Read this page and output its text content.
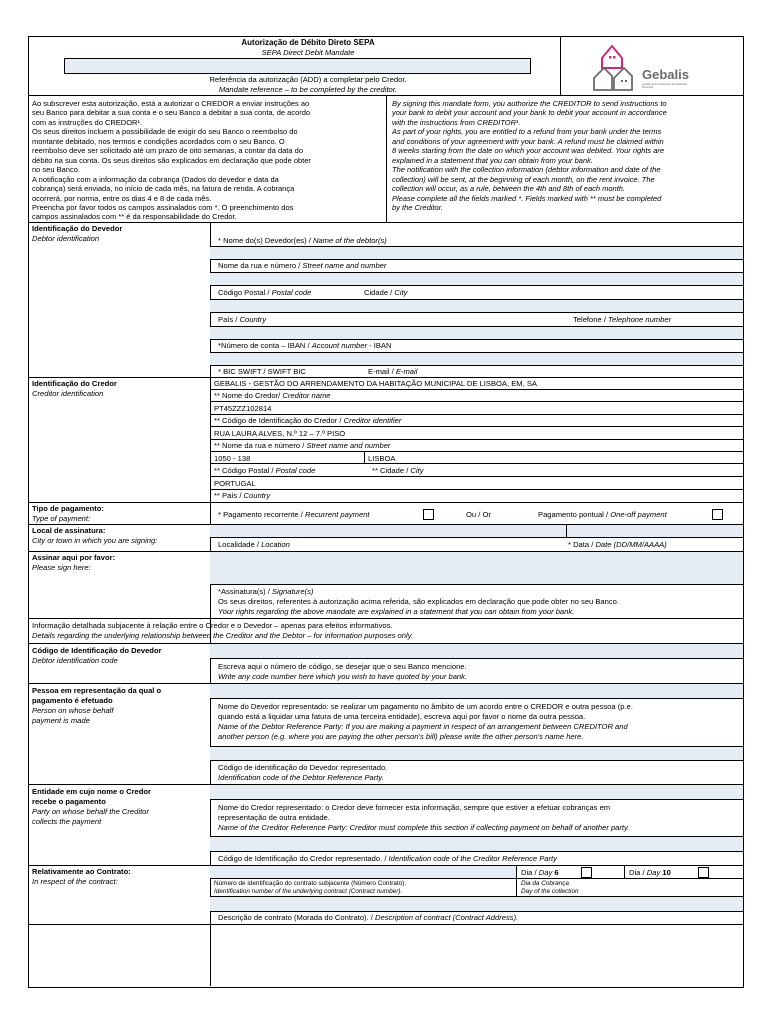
Autorização de Débito Direto SEPA
SEPA Direct Debit Mandate
Referência da autorização (ADD) a completar pelo Credor.
Mandate reference – to be completed by the creditor.
Gebalis
Gestão do Arrendamento da Habitação Municipal
Ao subscrever esta autorização, está a autorizar o CREDOR a enviar instruções ao
seu Banco para debitar a sua conta e o seu Banco a debitar a sua conta, de acordo
com as instruções do CREDOR¹.
Os seus direitos incluem a possibilidade de exigir do seu Banco o reembolso do
montante debitado, nos termos e condições acordados com o seu Banco. O
reembolso deve ser solicitado até um prazo de oito semanas, a contar da data do
débito na sua conta. Os seus direitos são explicados em declaração que pode obter
no seu Banco.
A notificação com a informação da cobrança (Dados do devedor e data da
cobrança) será enviada, no início de cada mês, na fatura de renda. A cobrança
ocorrerá, por norma, entre os dias 4 e 8 de cada mês.
Preencha por favor todos os campos assinalados com *. O preenchimento dos
campos assinalados com ** é da responsabilidade do Credor.
By signing this mandate form, you authorize the CREDITOR to send instructions to
your bank to debit your account and your bank to debit your account in accordance
with the instructions from CREDITOR¹.
As part of your rights, you are entitled to a refund from your bank under the terms
and conditions of your agreement with your bank. A refund must be claimed within
8 weeks starting from the date on which your account was debited. Your rights are
explained in a statement that you can obtain from your bank.
The notification with the collection information (debtor information and date of the
collection) will be sent, at the beginning of each month, on the rent invoice. The
collection will occur, as a rule, between the 4th and 8th of each month.
Please complete all the fields marked *. Fields marked with ** must be completed
by the Creditor.
Identificação do Devedor
Debtor identification	* Nome do(s) Devedor(es) / Name of the debtor(s)
Nome da rua e número / Street name and number
Código Postal / Postal code	Cidade / City
País / Country	Telefone / Telephone number
*Número de conta – IBAN / Account number - IBAN
* BIC SWIFT / SWIFT BIC	E-mail / E-mail
Identificação do Credor
Creditor identification
GEBALIS - GESTÃO DO ARRENDAMENTO DA HABITAÇÃO MUNICIPAL DE LISBOA, EM, SA
** Nome do Credor/ Creditor name
PT45ZZZ102814
** Código de Identificação do Credor / Creditor identifier
RUA LAURA ALVES, N.º 12 – 7.º PISO
** Nome da rua e número / Street name and number
1050 - 138	LISBOA
** Código Postal / Postal code	** Cidade / City
PORTUGAL
** País / Country
Tipo de pagamento:
Type of payment:	* Pagamento recorrente / Recurrent payment	Ou / Or	Pagamento pontual / One-off payment
Local de assinatura:
City or town in which you are signing:	Localidade / Location	* Data / Date (DD/MM/AAAA)
Assinar aqui por favor:
Please sign here:
*Assinatura(s) / Signature(s)
Os seus direitos, referentes à autorização acima referida, são explicados em declaração que pode obter no seu Banco.
Your rights regarding the above mandate are explained in a statement that you can obtain from your bank.
Informação detalhada subjacente à relação entre o Credor e o Devedor – apenas para efeitos informativos.
Details regarding the underlying relationship between the Creditor and the Debtor – for information purposes only.
Código de Identificação do Devedor
Debtor identification code
Escreva aqui o número de código, se desejar que o seu Banco mencione.
Write any code number here which you wish to have quoted by your bank.
Pessoa em representação da qual o
pagamento é efetuado
Person on whose behalf
payment is made
Nome do Devedor representado: se realizar um pagamento no âmbito de um acordo entre o CREDOR e outra pessoa (p.e.
quando está a liquidar uma fatura de uma terceira entidade), escreva aqui por favor o nome da outra pessoa.
Name of the Debtor Reference Party: If you are making a payment in respect of an arrangement between CREDITOR and
another person (e.g. where you are paying the other person's bill) please write the other person's name here.
Código de identificação do Devedor representado.
Identification code of the Debtor Reference Party.
Entidade em cujo nome o Credor
recebe o pagamento
Party on whose behalf the Creditor
collects the payment
Nome do Credor representado: o Credor deve fornecer esta informação, sempre que estiver a efetuar cobranças em
representação de outra entidade.
Name of the Creditor Reference Party: Creditor must complete this section if collecting payment on behalf of another party.
Código de Identificação do Credor representado. / Identification code of the Creditor Reference Party
Relativamente ao Contrato:
In respect of the contract:
Dia / Day 6	Dia / Day 10
Número de identificação do contrato subjacente (Número Contrato).
Identification number of the underlying contract (Contract number).
Dia da Cobrança
Day of the collection
Descrição de contrato (Morada do Contrato). / Description of contract (Contract Address).
